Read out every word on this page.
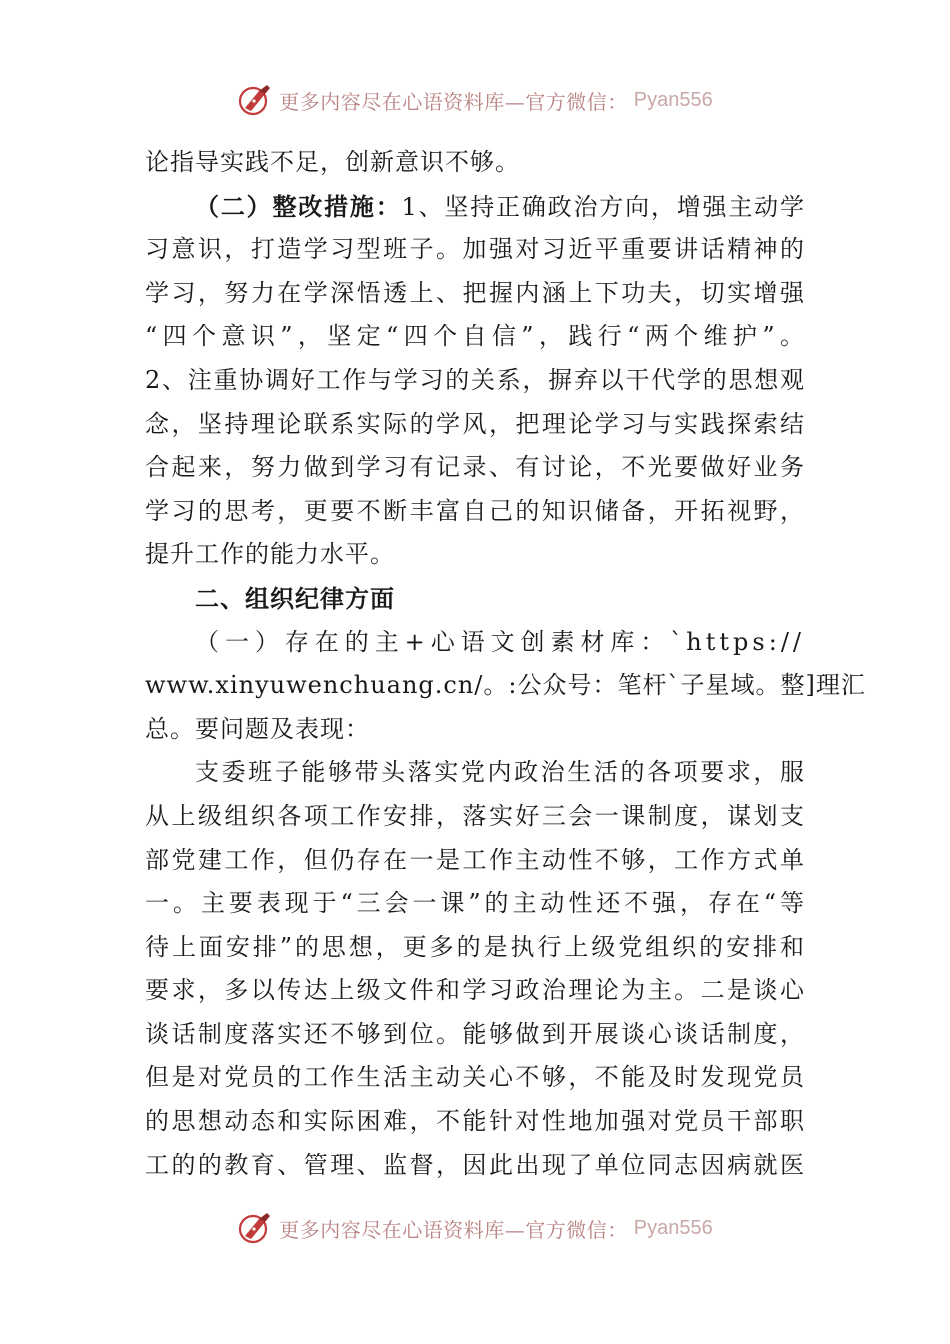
更多内容尽在心语资料库—官方微信： Pyan556
论指导实践不足，创新意识不够。
（二）整改措施：1、坚持正确政治方向，增强主动学
习意识，打造学习型班子。加强对习近平重要讲话精神的
学习，努力在学深悟透上、把握内涵上下功夫，切实增强
“四个意识”，坚定“四个自信”，践行“两个维护”。
2、注重协调好工作与学习的关系，摒弃以干代学的思想观
念，坚持理论联系实际的学风，把理论学习与实践探索结
合起来，努力做到学习有记录、有讨论，不光要做好业务
学习的思考，更要不断丰富自己的知识储备，开拓视野，
提升工作的能力水平。
二、组织纪律方面
（一）存在的主+心语文创素材库：`https://
www.xinyuwenchuang.cn/。:公众号：笔杆`子星域。整]理汇
总。要问题及表现：
支委班子能够带头落实党内政治生活的各项要求，服
从上级组织各项工作安排，落实好三会一课制度，谋划支
部党建工作，但仍存在一是工作主动性不够，工作方式单
一。主要表现于“三会一课”的主动性还不强，存在“等
待上面安排”的思想，更多的是执行上级党组织的安排和
要求，多以传达上级文件和学习政治理论为主。二是谈心
谈话制度落实还不够到位。能够做到开展谈心谈话制度，
但是对党员的工作生活主动关心不够，不能及时发现党员
的思想动态和实际困难，不能针对性地加强对党员干部职
工的的教育、管理、监督，因此出现了单位同志因病就医
更多内容尽在心语资料库—官方微信： Pyan556
